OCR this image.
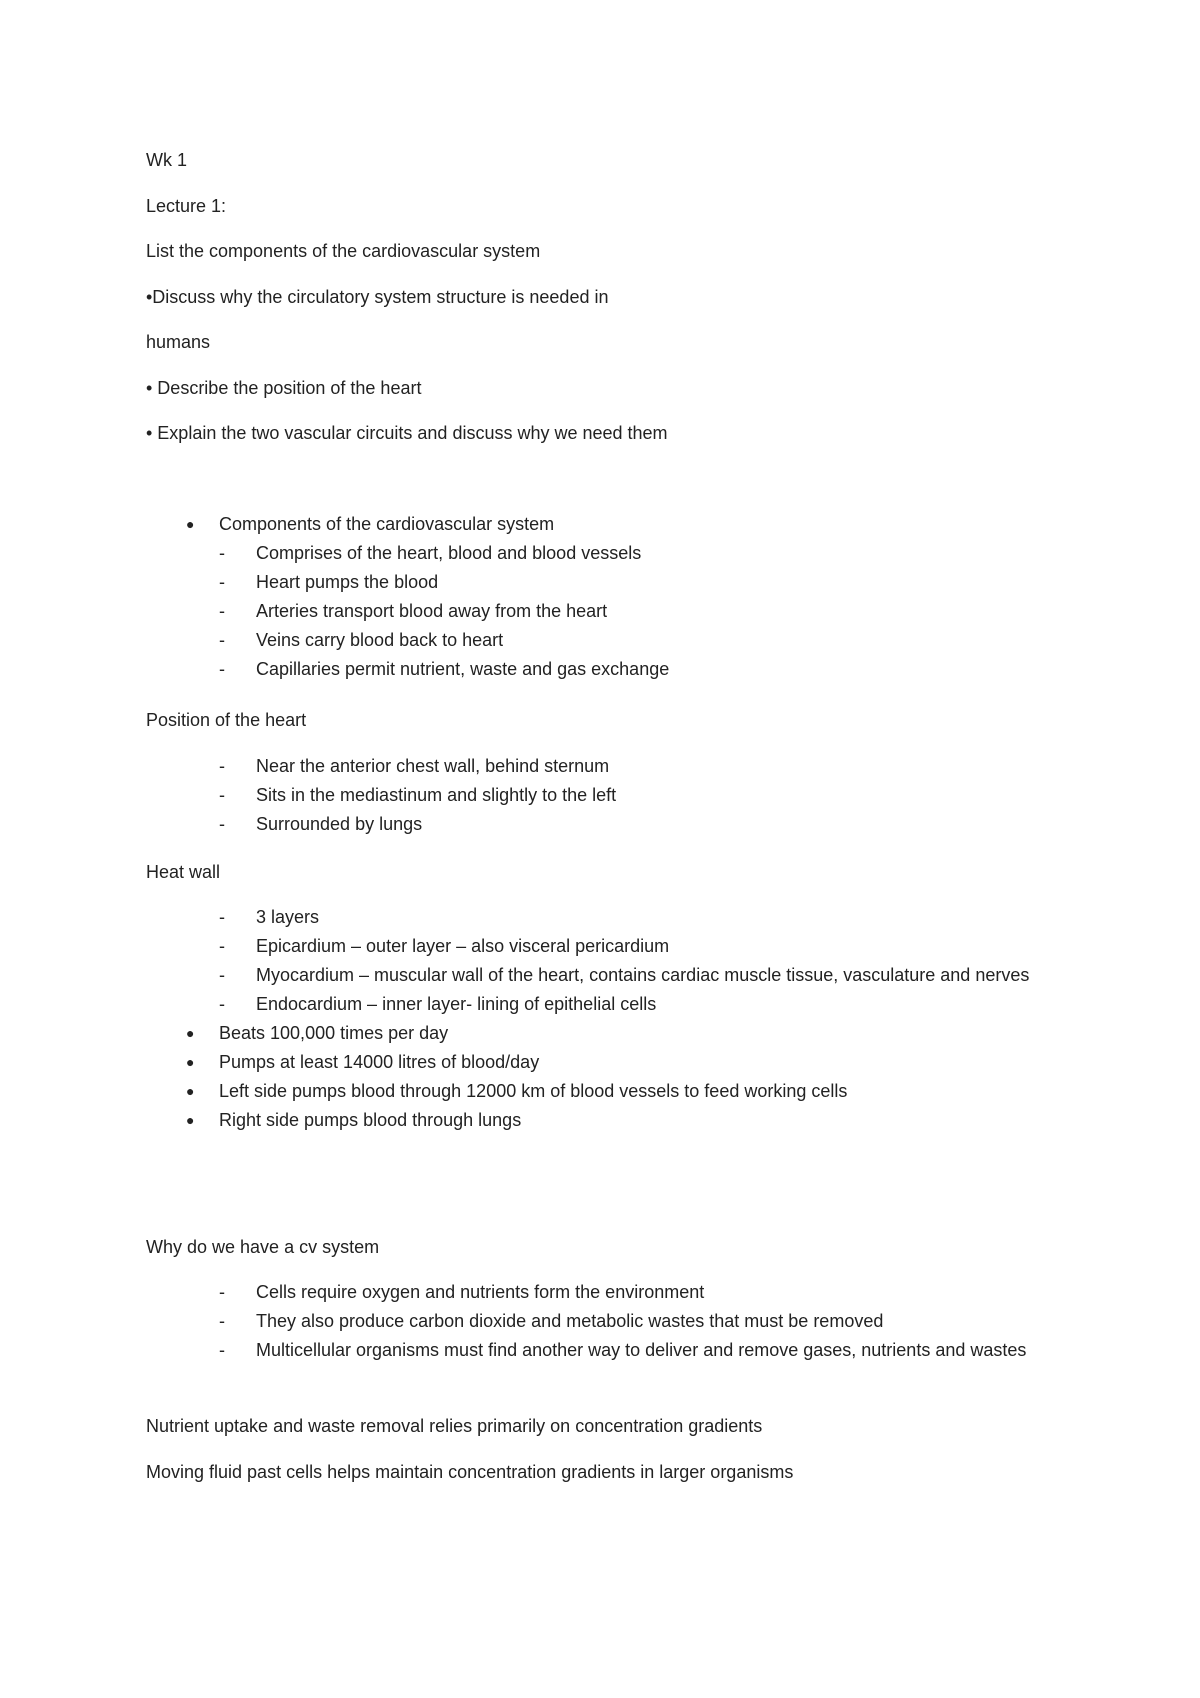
Wk 1

Lecture 1:

List the components of the cardiovascular system

•Discuss why the circulatory system structure is needed in

humans

• Describe the position of the heart

• Explain the two vascular circuits and discuss why we need them

● Components of the cardiovascular system
- Comprises of the heart, blood and blood vessels
- Heart pumps the blood
- Arteries transport blood away from the heart
- Veins carry blood back to heart
- Capillaries permit nutrient, waste and gas exchange

Position of the heart

- Near the anterior chest wall, behind sternum
- Sits in the mediastinum and slightly to the left
- Surrounded by lungs

Heat wall

- 3 layers
- Epicardium – outer layer – also visceral pericardium
- Myocardium – muscular wall of the heart, contains cardiac muscle tissue, vasculature and nerves
- Endocardium – inner layer- lining of epithelial cells
● Beats 100,000 times per day
● Pumps at least 14000 litres of blood/day
● Left side pumps blood through 12000 km of blood vessels to feed working cells
● Right side pumps blood through lungs

Why do we have a cv system

- Cells require oxygen and nutrients form the environment
- They also produce carbon dioxide and metabolic wastes that must be removed
- Multicellular organisms must find another way to deliver and remove gases, nutrients and wastes

Nutrient uptake and waste removal relies primarily on concentration gradients

Moving fluid past cells helps maintain concentration gradients in larger organisms
